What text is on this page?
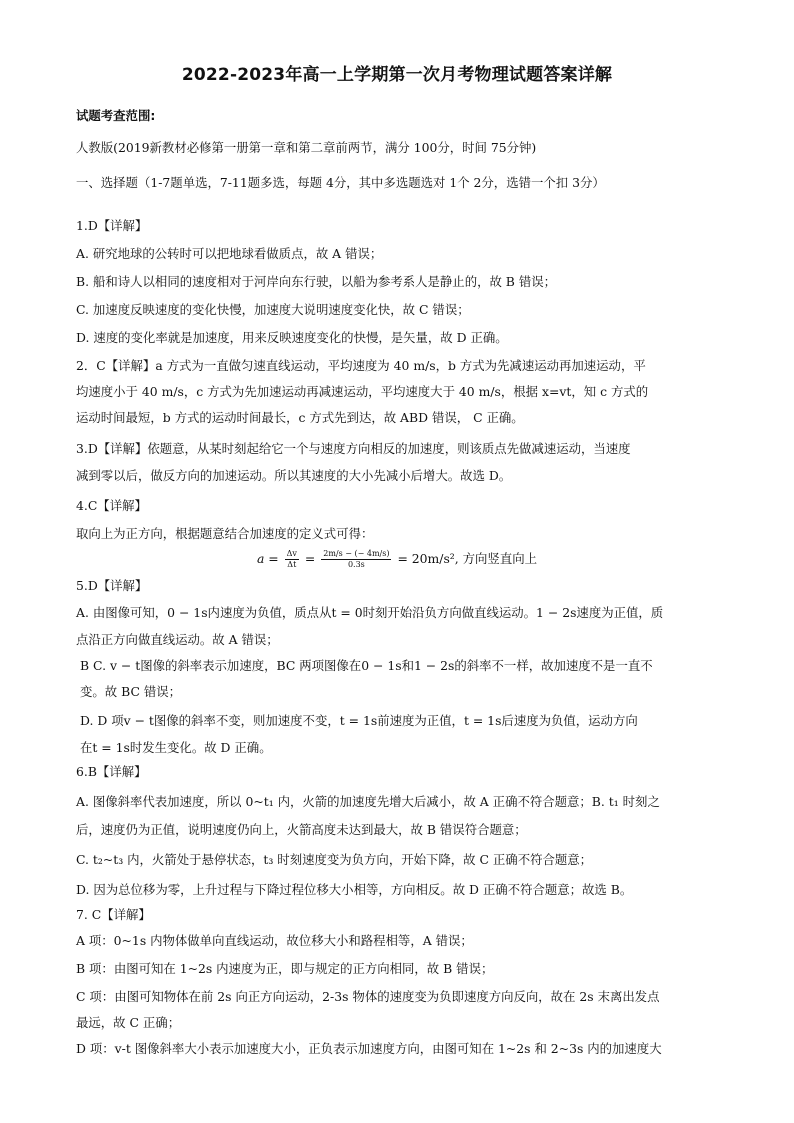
2022-2023年高一上学期第一次月考物理试题答案详解
试题考查范围:
人教版(2019新教材必修第一册第一章和第二章前两节，满分 100分，时间 75分钟)
一、选择题（1-7题单选，7-11题多选，每题 4分，其中多选题选对 1个 2分，选错一个扣 3分）
1.D【详解】
A. 研究地球的公转时可以把地球看做质点，故 A 错误；
B. 船和诗人以相同的速度相对于河岸向东行驶，以船为参考系人是静止的，故 B 错误；
C. 加速度反映速度的变化快慢，加速度大说明速度变化快，故 C 错误；
D. 速度的变化率就是加速度，用来反映速度变化的快慢，是矢量，故 D 正确。
2．C【详解】a 方式为一直做匀速直线运动，平均速度为 40 m/s，b 方式为先减速运动再加速运动，平
均速度小于 40 m/s，c 方式为先加速运动再减速运动，平均速度大于 40 m/s，根据 x=vt，知 c 方式的
运动时间最短，b 方式的运动时间最长，c 方式先到达，故 ABD 错误， C 正确。
3.D【详解】依题意，从某时刻起给它一个与速度方向相反的加速度，则该质点先做减速运动，当速度
减到零以后，做反方向的加速运动。所以其速度的大小先减小后增大。故选 D。
4.C【详解】
取向上为正方向，根据题意结合加速度的定义式可得：
5.D【详解】
A. 由图像可知，0 − 1s内速度为负值，质点从t = 0时刻开始沿负方向做直线运动。1 − 2s速度为正值，质
点沿正方向做直线运动。故 A 错误；
B C. v − t图像的斜率表示加速度，BC 两项图像在0 − 1s和1 − 2s的斜率不一样，故加速度不是一直不
变。故 BC 错误；
D. D 项v − t图像的斜率不变，则加速度不变，t = 1s前速度为正值，t = 1s后速度为负值，运动方向
在t = 1s时发生变化。故 D 正确。
6.B【详解】
A. 图像斜率代表加速度，所以 0~t₁ 内，火箭的加速度先增大后减小，故 A 正确不符合题意；B. t₁ 时刻之
后，速度仍为正值，说明速度仍向上，火箭高度未达到最大，故 B 错误符合题意；
C. t₂~t₃ 内，火箭处于悬停状态，t₃ 时刻速度变为负方向，开始下降，故 C 正确不符合题意；
D. 因为总位移为零，上升过程与下降过程位移大小相等，方向相反。故 D 正确不符合题意；故选 B。
7. C【详解】
A 项：0~1s 内物体做单向直线运动，故位移大小和路程相等，A 错误；
B 项：由图可知在 1~2s 内速度为正，即与规定的正方向相同，故 B 错误；
C 项：由图可知物体在前 2s 向正方向运动，2-3s 物体的速度变为负即速度方向反向，故在 2s 末离出发点
最远，故 C 正确；
D 项：v-t 图像斜率大小表示加速度大小，正负表示加速度方向，由图可知在 1~2s 和 2~3s 内的加速度大
$a = \frac{\Delta v}{\Delta t} = \frac{2m/s - (- 4m/s)}{0.3s} = 20m/s^2$, 方向竖直向上
